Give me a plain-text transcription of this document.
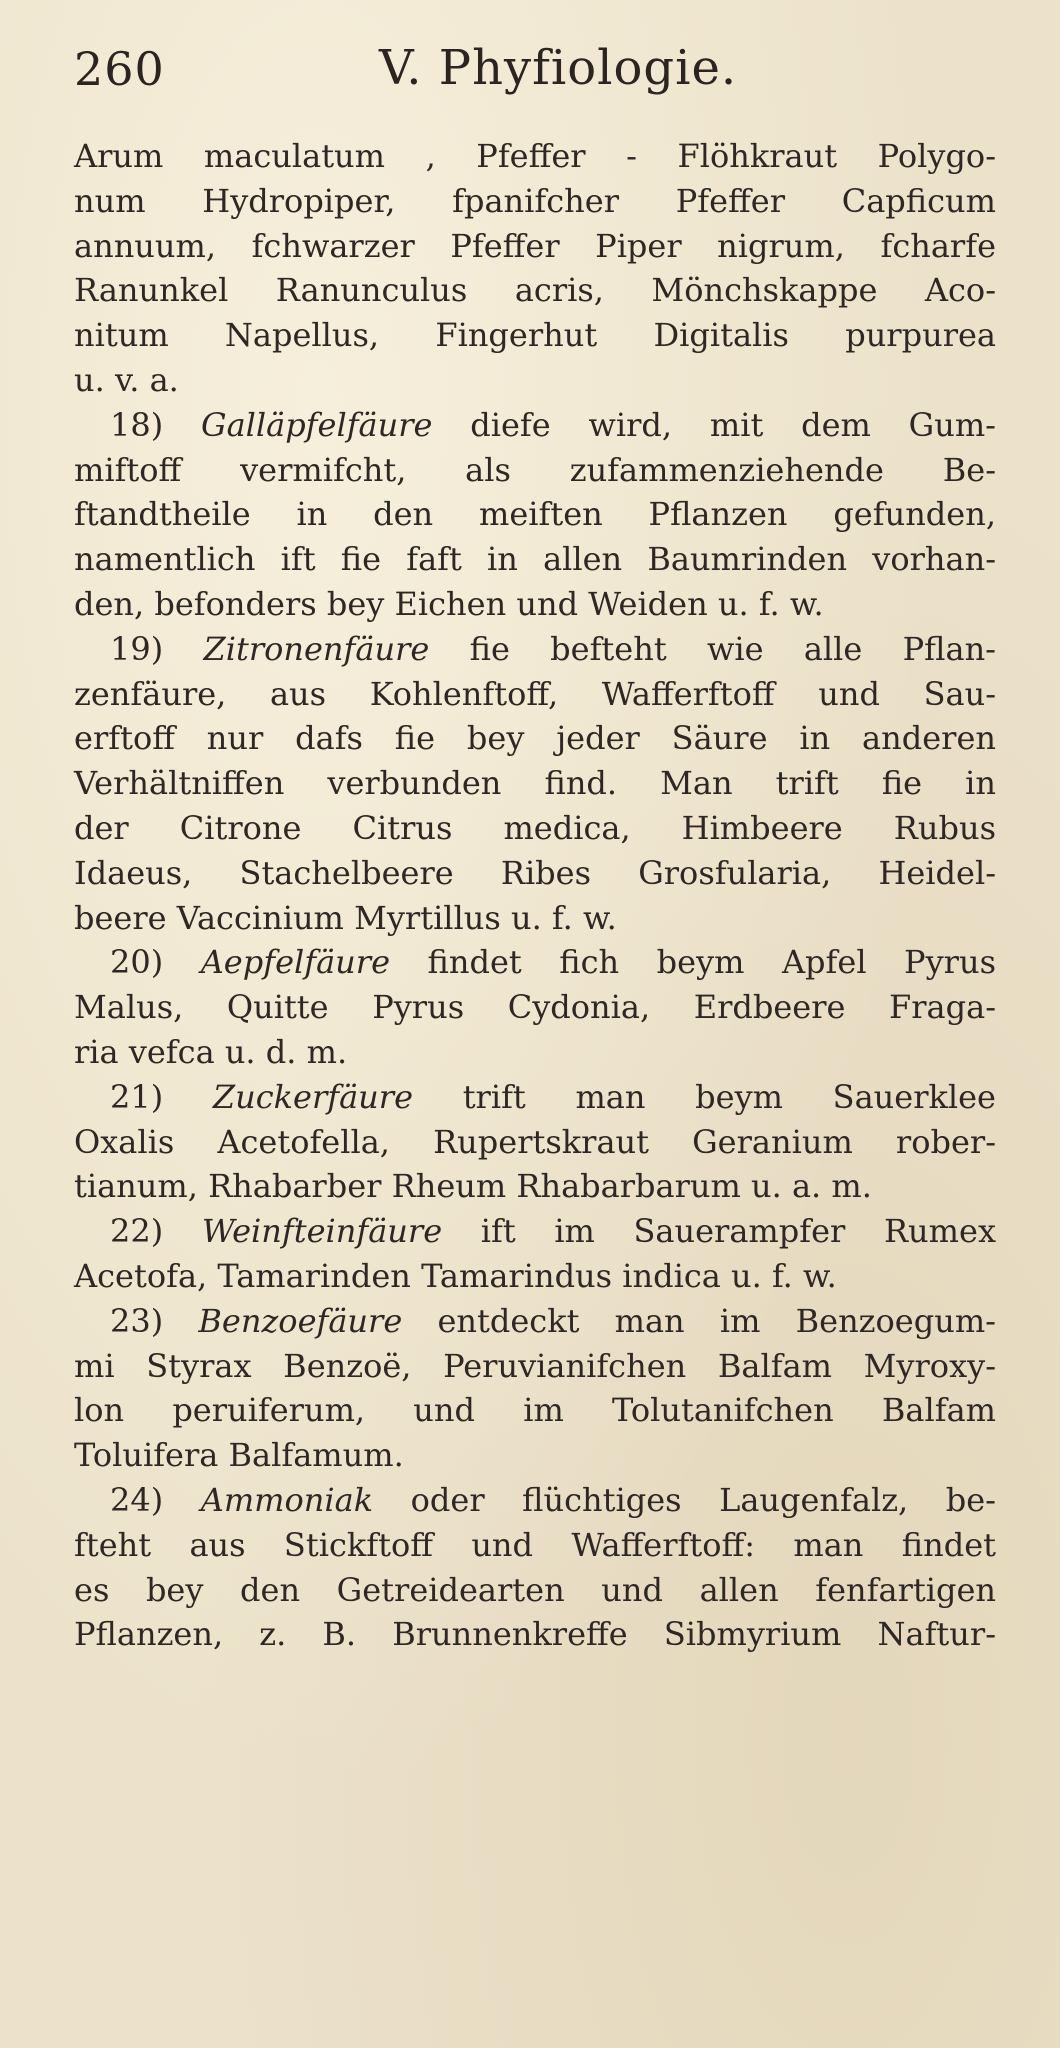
260	V. Phyfiologie.
Arum maculatum , Pfeffer - Flöhkraut Polygo-
num Hydropiper, fpanifcher Pfeffer Capficum
annuum, fchwarzer Pfeffer Piper nigrum, fcharfe
Ranunkel Ranunculus acris, Mönchskappe Aco-
nitum Napellus, Fingerhut Digitalis purpurea
u. v. a.
18) Galläpfelfäure diefe wird, mit dem Gum-
miftoff vermifcht, als zufammenziehende Be-
ftandtheile in den meiften Pflanzen gefunden,
namentlich ift fie faft in allen Baumrinden vorhan-
den, befonders bey Eichen und Weiden u. f. w.
19) Zitronenfäure fie befteht wie alle Pflan-
zenfäure, aus Kohlenftoff, Wafferftoff und Sau-
erftoff nur dafs fie bey jeder Säure in anderen
Verhältniffen verbunden find. Man trift fie in
der Citrone Citrus medica, Himbeere Rubus
Idaeus, Stachelbeere Ribes Grosfularia, Heidel-
beere Vaccinium Myrtillus u. f. w.
20) Aepfelfäure findet fich beym Apfel Pyrus
Malus, Quitte Pyrus Cydonia, Erdbeere Fraga-
ria vefca u. d. m.
21) Zuckerfäure trift man beym Sauerklee
Oxalis Acetofella, Rupertskraut Geranium rober-
tianum, Rhabarber Rheum Rhabarbarum u. a. m.
22) Weinfteinfäure ift im Sauerampfer Rumex
Acetofa, Tamarinden Tamarindus indica u. f. w.
23) Benzoefäure entdeckt man im Benzoegum-
mi Styrax Benzoë, Peruvianifchen Balfam Myroxy-
lon peruiferum, und im Tolutanifchen Balfam
Toluifera Balfamum.
24) Ammoniak oder flüchtiges Laugenfalz, be-
fteht aus Stickftoff und Wafferftoff: man findet
es bey den Getreidearten und allen fenfartigen
Pflanzen, z. B. Brunnenkreffe Sibmyrium Naftur-
